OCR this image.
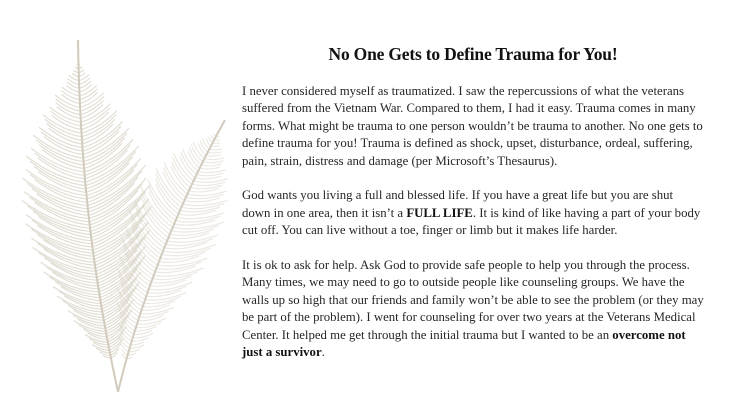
No One Gets to Define Trauma for You!

I never considered myself as traumatized. I saw the repercussions of what the veterans suffered from the Vietnam War. Compared to them, I had it easy. Trauma comes in many forms. What might be trauma to one person wouldn’t be trauma to another. No one gets to define trauma for you! Trauma is defined as shock, upset, disturbance, ordeal, suffering, pain, strain, distress and damage (per Microsoft’s Thesaurus).

God wants you living a full and blessed life. If you have a great life but you are shut down in one area, then it isn’t a FULL LIFE. It is kind of like having a part of your body cut off. You can live without a toe, finger or limb but it makes life harder.

It is ok to ask for help. Ask God to provide safe people to help you through the process. Many times, we may need to go to outside people like counseling groups. We have the walls up so high that our friends and family won’t be able to see the problem (or they may be part of the problem). I went for counseling for over two years at the Veterans Medical Center. It helped me get through the initial trauma but I wanted to be an overcome not just a survivor.
